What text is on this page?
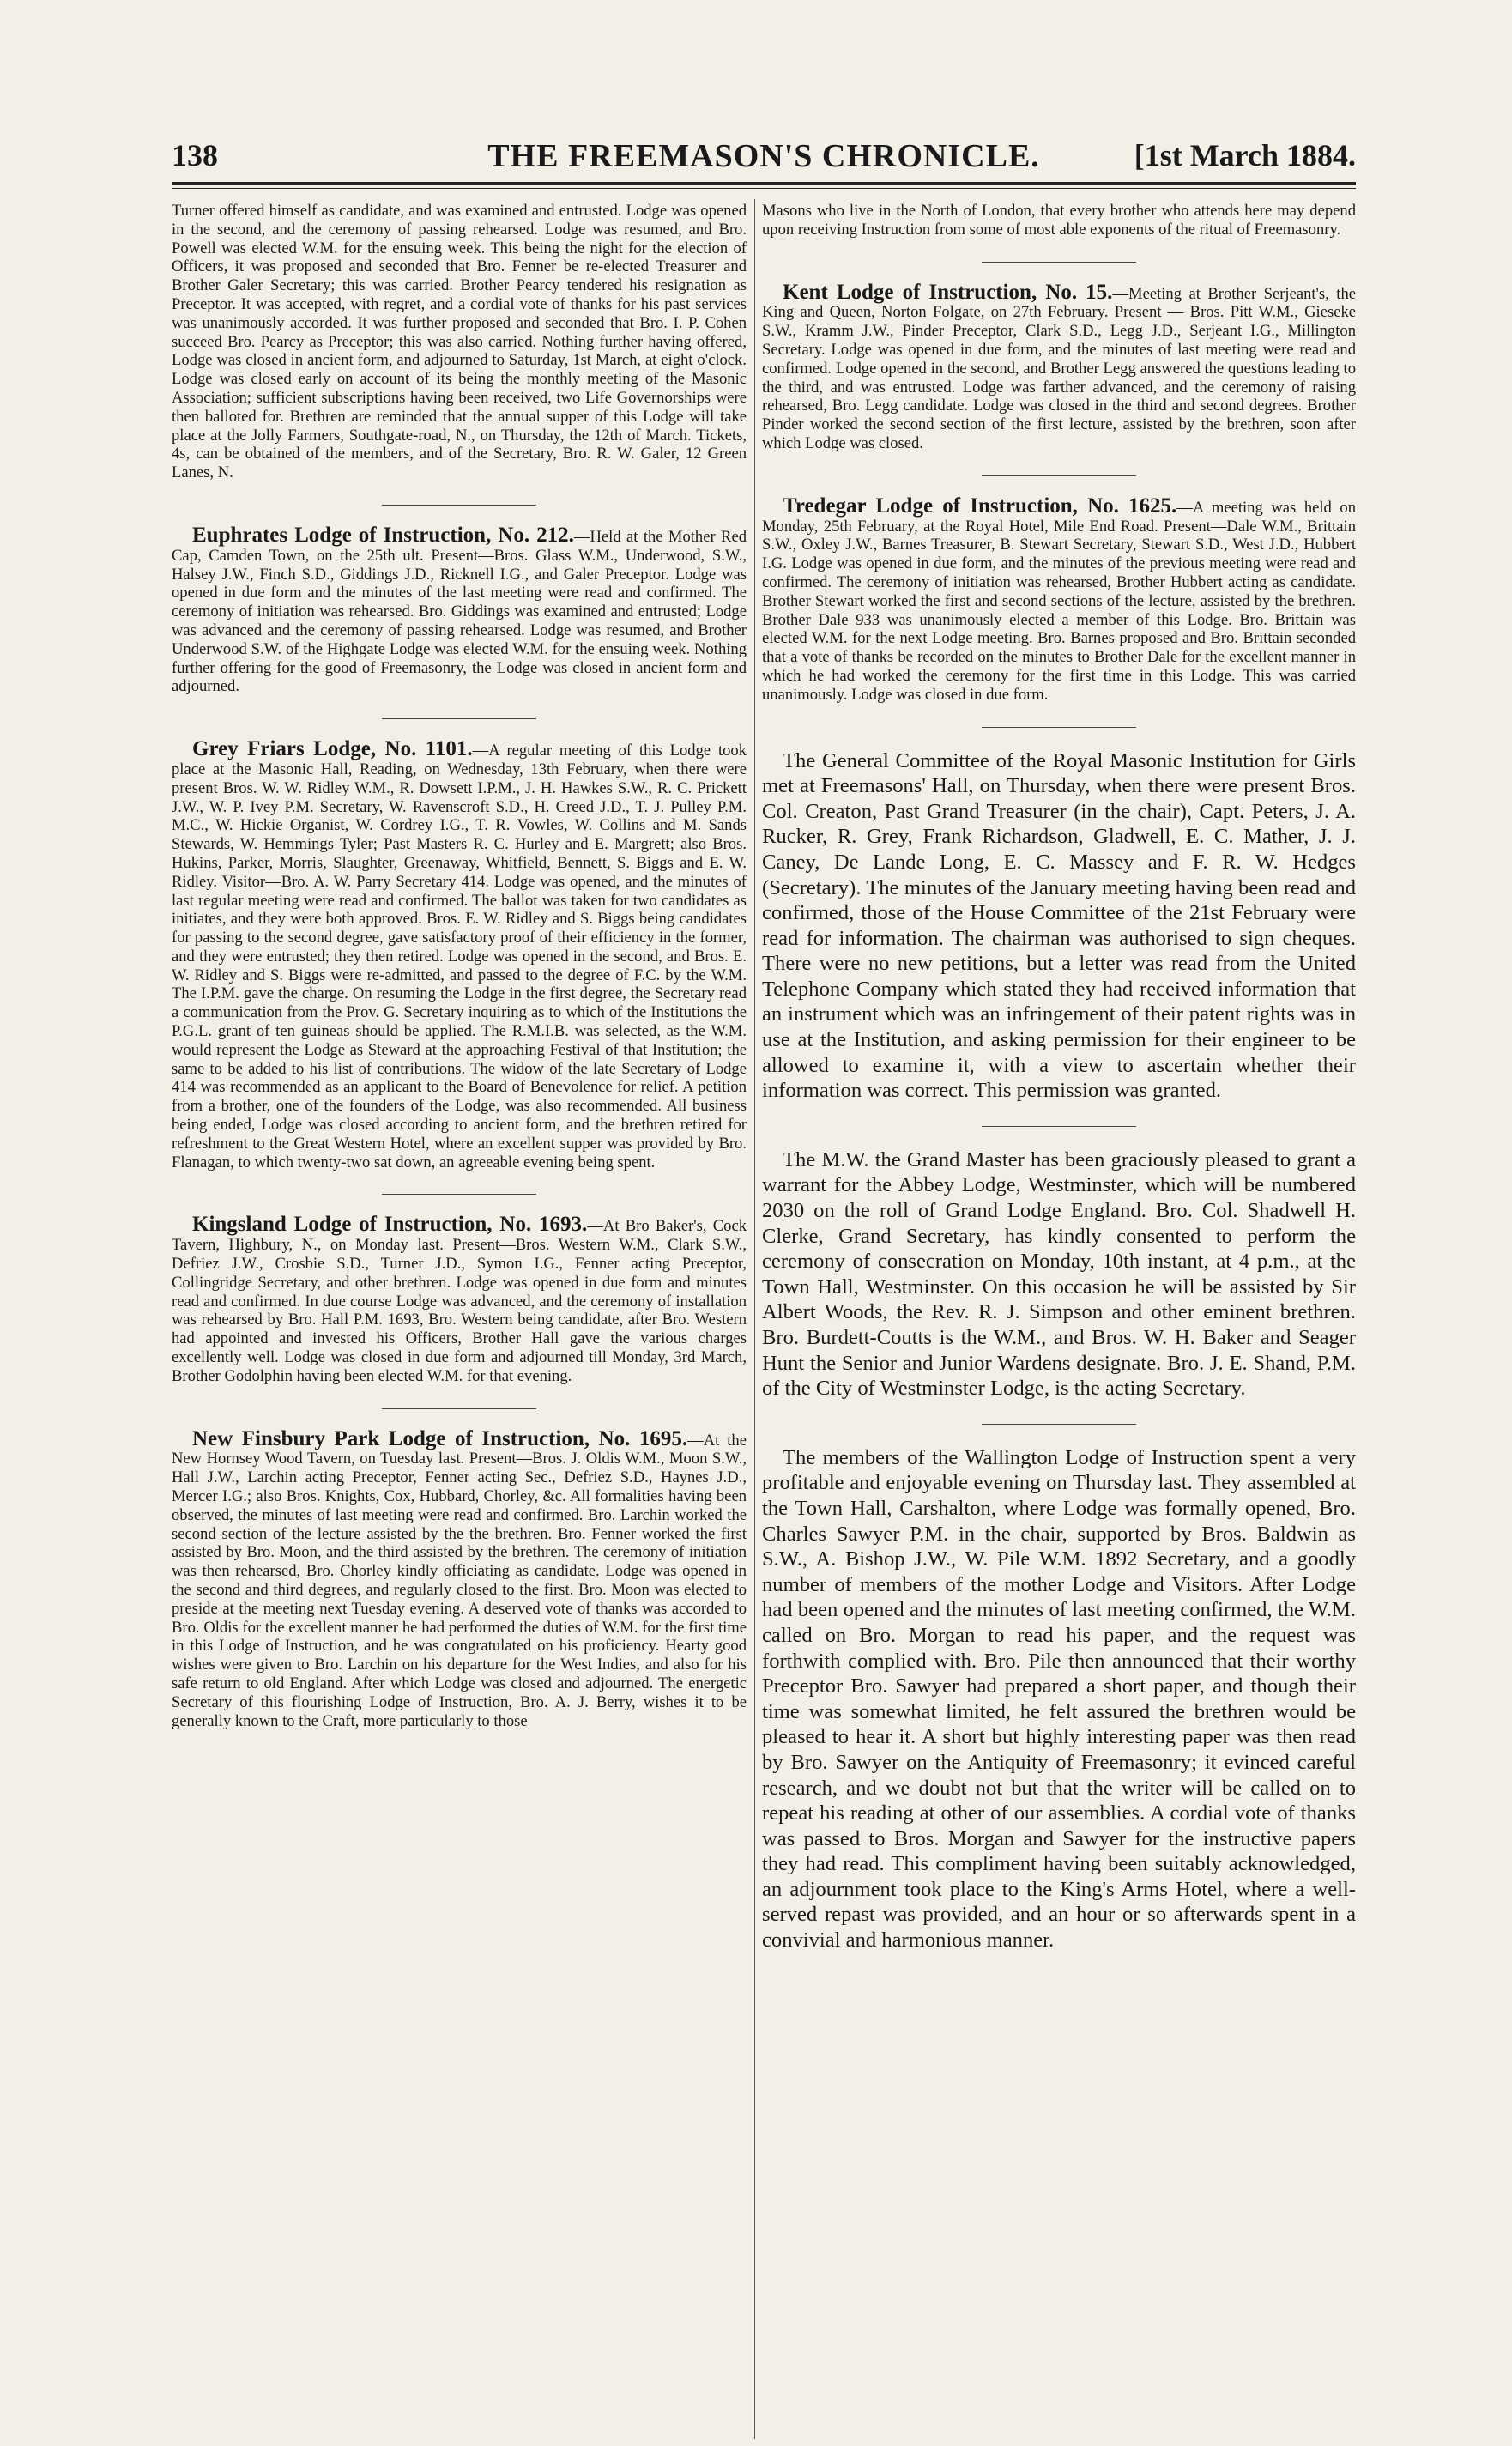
138	THE FREEMASON'S CHRONICLE.	[1st March 1884.

Turner offered himself as candidate, and was examined and entrusted. Lodge was opened in the second, and the ceremony of passing rehearsed. Lodge was resumed, and Bro. Powell was elected W.M. for the ensuing week. This being the night for the election of Officers, it was proposed and seconded that Bro. Fenner be re-elected Treasurer and Brother Galer Secretary; this was carried. Brother Pearcy tendered his resignation as Preceptor. It was accepted, with regret, and a cordial vote of thanks for his past services was unanimously accorded. It was further proposed and seconded that Bro. I. P. Cohen succeed Bro. Pearcy as Preceptor; this was also carried. Nothing further having offered, Lodge was closed in ancient form, and adjourned to Saturday, 1st March, at eight o'clock. Lodge was closed early on account of its being the monthly meeting of the Masonic Association; sufficient subscriptions having been received, two Life Governorships were then balloted for. Brethren are reminded that the annual supper of this Lodge will take place at the Jolly Farmers, Southgate-road, N., on Thursday, the 12th of March. Tickets, 4s, can be obtained of the members, and of the Secretary, Bro. R. W. Galer, 12 Green Lanes, N.

Euphrates Lodge of Instruction, No. 212.—Held at the Mother Red Cap, Camden Town, on the 25th ult. Present—Bros. Glass W.M., Underwood, S.W., Halsey J.W., Finch S.D., Giddings J.D., Ricknell I.G., and Galer Preceptor. Lodge was opened in due form and the minutes of the last meeting were read and confirmed. The ceremony of initiation was rehearsed. Bro. Giddings was examined and entrusted; Lodge was advanced and the ceremony of passing rehearsed. Lodge was resumed, and Brother Underwood S.W. of the Highgate Lodge was elected W.M. for the ensuing week. Nothing further offering for the good of Freemasonry, the Lodge was closed in ancient form and adjourned.

Grey Friars Lodge, No. 1101.—A regular meeting of this Lodge took place at the Masonic Hall, Reading, on Wednesday, 13th February, when there were present Bros. W. W. Ridley W.M., R. Dowsett I.P.M., J. H. Hawkes S.W., R. C. Prickett J.W., W. P. Ivey P.M. Secretary, W. Ravenscroft S.D., H. Creed J.D., T. J. Pulley P.M. M.C., W. Hickie Organist, W. Cordrey I.G., T. R. Vowles, W. Collins and M. Sands Stewards, W. Hemmings Tyler; Past Masters R. C. Hurley and E. Margrett; also Bros. Hukins, Parker, Morris, Slaughter, Greenaway, Whitfield, Bennett, S. Biggs and E. W. Ridley. Visitor—Bro. A. W. Parry Secretary 414. Lodge was opened, and the minutes of last regular meeting were read and confirmed. The ballot was taken for two candidates as initiates, and they were both approved. Bros. E. W. Ridley and S. Biggs being candidates for passing to the second degree, gave satisfactory proof of their efficiency in the former, and they were entrusted; they then retired. Lodge was opened in the second, and Bros. E. W. Ridley and S. Biggs were re-admitted, and passed to the degree of F.C. by the W.M. The I.P.M. gave the charge. On resuming the Lodge in the first degree, the Secretary read a communication from the Prov. G. Secretary inquiring as to which of the Institutions the P.G.L. grant of ten guineas should be applied. The R.M.I.B. was selected, as the W.M. would represent the Lodge as Steward at the approaching Festival of that Institution; the same to be added to his list of contributions. The widow of the late Secretary of Lodge 414 was recommended as an applicant to the Board of Benevolence for relief. A petition from a brother, one of the founders of the Lodge, was also recommended. All business being ended, Lodge was closed according to ancient form, and the brethren retired for refreshment to the Great Western Hotel, where an excellent supper was provided by Bro. Flanagan, to which twenty-two sat down, an agreeable evening being spent.

Kingsland Lodge of Instruction, No. 1693.—At Bro Baker's, Cock Tavern, Highbury, N., on Monday last. Present—Bros. Western W.M., Clark S.W., Defriez J.W., Crosbie S.D., Turner J.D., Symon I.G., Fenner acting Preceptor, Collingridge Secretary, and other brethren. Lodge was opened in due form and minutes read and confirmed. In due course Lodge was advanced, and the ceremony of installation was rehearsed by Bro. Hall P.M. 1693, Bro. Western being candidate, after Bro. Western had appointed and invested his Officers, Brother Hall gave the various charges excellently well. Lodge was closed in due form and adjourned till Monday, 3rd March, Brother Godolphin having been elected W.M. for that evening.

New Finsbury Park Lodge of Instruction, No. 1695.—At the New Hornsey Wood Tavern, on Tuesday last. Present—Bros. J. Oldis W.M., Moon S.W., Hall J.W., Larchin acting Preceptor, Fenner acting Sec., Defriez S.D., Haynes J.D., Mercer I.G.; also Bros. Knights, Cox, Hubbard, Chorley, &c. All formalities having been observed, the minutes of last meeting were read and confirmed. Bro. Larchin worked the second section of the lecture assisted by the the brethren. Bro. Fenner worked the first assisted by Bro. Moon, and the third assisted by the brethren. The ceremony of initiation was then rehearsed, Bro. Chorley kindly officiating as candidate. Lodge was opened in the second and third degrees, and regularly closed to the first. Bro. Moon was elected to preside at the meeting next Tuesday evening. A deserved vote of thanks was accorded to Bro. Oldis for the excellent manner he had performed the duties of W.M. for the first time in this Lodge of Instruction, and he was congratulated on his proficiency. Hearty good wishes were given to Bro. Larchin on his departure for the West Indies, and also for his safe return to old England. After which Lodge was closed and adjourned. The energetic Secretary of this flourishing Lodge of Instruction, Bro. A. J. Berry, wishes it to be generally known to the Craft, more particularly to those

Masons who live in the North of London, that every brother who attends here may depend upon receiving Instruction from some of most able exponents of the ritual of Freemasonry.

Kent Lodge of Instruction, No. 15.—Meeting at Brother Serjeant's, the King and Queen, Norton Folgate, on 27th February. Present — Bros. Pitt W.M., Gieseke S.W., Kramm J.W., Pinder Preceptor, Clark S.D., Legg J.D., Serjeant I.G., Millington Secretary. Lodge was opened in due form, and the minutes of last meeting were read and confirmed. Lodge opened in the second, and Brother Legg answered the questions leading to the third, and was entrusted. Lodge was farther advanced, and the ceremony of raising rehearsed, Bro. Legg candidate. Lodge was closed in the third and second degrees. Brother Pinder worked the second section of the first lecture, assisted by the brethren, soon after which Lodge was closed.

Tredegar Lodge of Instruction, No. 1625.—A meeting was held on Monday, 25th February, at the Royal Hotel, Mile End Road. Present—Dale W.M., Brittain S.W., Oxley J.W., Barnes Treasurer, B. Stewart Secretary, Stewart S.D., West J.D., Hubbert I.G. Lodge was opened in due form, and the minutes of the previous meeting were read and confirmed. The ceremony of initiation was rehearsed, Brother Hubbert acting as candidate. Brother Stewart worked the first and second sections of the lecture, assisted by the brethren. Brother Dale 933 was unanimously elected a member of this Lodge. Bro. Brittain was elected W.M. for the next Lodge meeting. Bro. Barnes proposed and Bro. Brittain seconded that a vote of thanks be recorded on the minutes to Brother Dale for the excellent manner in which he had worked the ceremony for the first time in this Lodge. This was carried unanimously. Lodge was closed in due form.

The General Committee of the Royal Masonic Institution for Girls met at Freemasons' Hall, on Thursday, when there were present Bros. Col. Creaton, Past Grand Treasurer (in the chair), Capt. Peters, J. A. Rucker, R. Grey, Frank Richardson, Gladwell, E. C. Mather, J. J. Caney, De Lande Long, E. C. Massey and F. R. W. Hedges (Secretary). The minutes of the January meeting having been read and confirmed, those of the House Committee of the 21st February were read for information. The chairman was authorised to sign cheques. There were no new petitions, but a letter was read from the United Telephone Company which stated they had received information that an instrument which was an infringement of their patent rights was in use at the Institution, and asking permission for their engineer to be allowed to examine it, with a view to ascertain whether their information was correct. This permission was granted.

The M.W. the Grand Master has been graciously pleased to grant a warrant for the Abbey Lodge, Westminster, which will be numbered 2030 on the roll of Grand Lodge England. Bro. Col. Shadwell H. Clerke, Grand Secretary, has kindly consented to perform the ceremony of consecration on Monday, 10th instant, at 4 p.m., at the Town Hall, Westminster. On this occasion he will be assisted by Sir Albert Woods, the Rev. R. J. Simpson and other eminent brethren. Bro. Burdett-Coutts is the W.M., and Bros. W. H. Baker and Seager Hunt the Senior and Junior Wardens designate. Bro. J. E. Shand, P.M. of the City of Westminster Lodge, is the acting Secretary.

The members of the Wallington Lodge of Instruction spent a very profitable and enjoyable evening on Thursday last. They assembled at the Town Hall, Carshalton, where Lodge was formally opened, Bro. Charles Sawyer P.M. in the chair, supported by Bros. Baldwin as S.W., A. Bishop J.W., W. Pile W.M. 1892 Secretary, and a goodly number of members of the mother Lodge and Visitors. After Lodge had been opened and the minutes of last meeting confirmed, the W.M. called on Bro. Morgan to read his paper, and the request was forthwith complied with. Bro. Pile then announced that their worthy Preceptor Bro. Sawyer had prepared a short paper, and though their time was somewhat limited, he felt assured the brethren would be pleased to hear it. A short but highly interesting paper was then read by Bro. Sawyer on the Antiquity of Freemasonry; it evinced careful research, and we doubt not but that the writer will be called on to repeat his reading at other of our assemblies. A cordial vote of thanks was passed to Bros. Morgan and Sawyer for the instructive papers they had read. This compliment having been suitably acknowledged, an adjournment took place to the King's Arms Hotel, where a well-served repast was provided, and an hour or so afterwards spent in a convivial and harmonious manner.
